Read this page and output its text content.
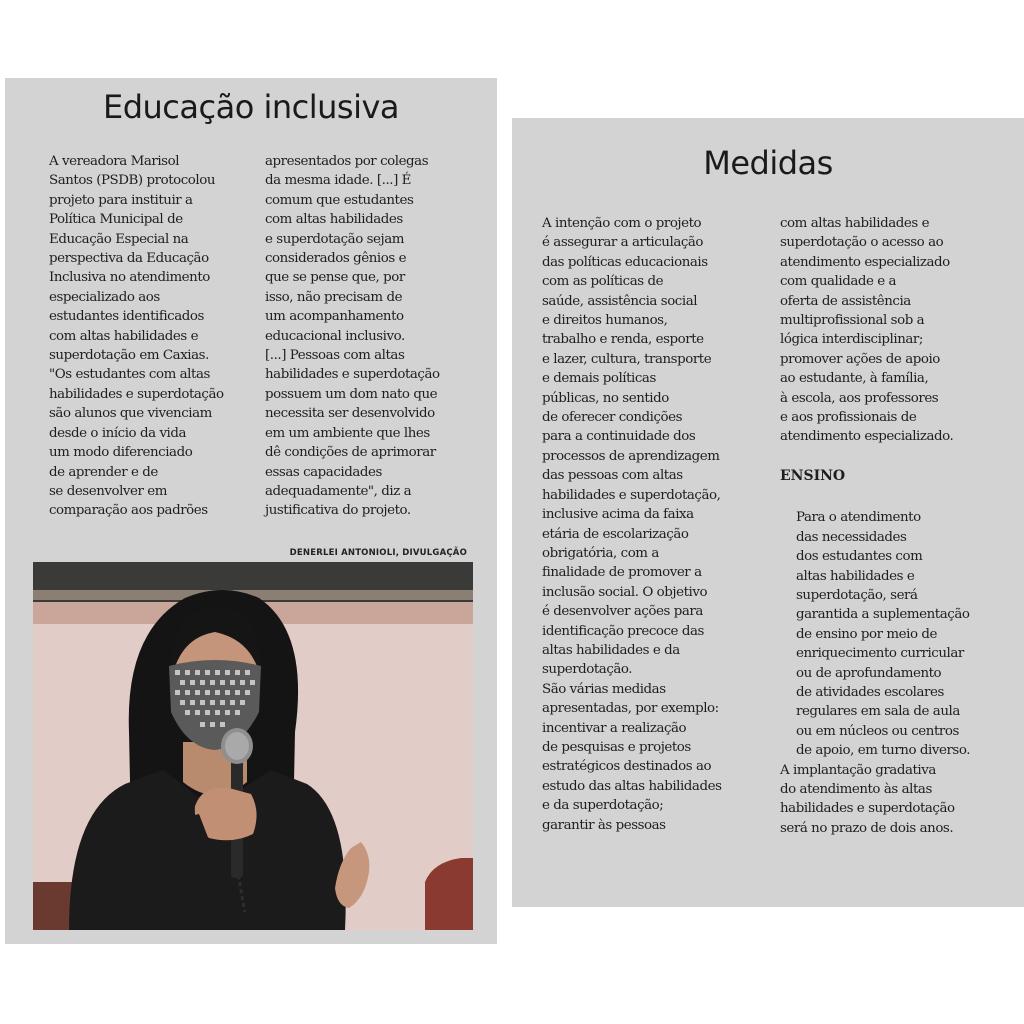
Educação inclusiva

A vereadora Marisol
Santos (PSDB) protocolou
projeto para instituir a
Política Municipal de
Educação Especial na
perspectiva da Educação
Inclusiva no atendimento
especializado aos
estudantes identificados
com altas habilidades e
superdotação em Caxias.
"Os estudantes com altas
habilidades e superdotação
são alunos que vivenciam
desde o início da vida
um modo diferenciado
de aprender e de
se desenvolver em
comparação aos padrões

apresentados por colegas
da mesma idade. [...] É
comum que estudantes
com altas habilidades
e superdotação sejam
considerados gênios e
que se pense que, por
isso, não precisam de
um acompanhamento
educacional inclusivo.
[...] Pessoas com altas
habilidades e superdotação
possuem um dom nato que
necessita ser desenvolvido
em um ambiente que lhes
dê condições de aprimorar
essas capacidades
adequadamente", diz a
justificativa do projeto.

DENERLEI ANTONIOLI, DIVULGAÇÃO
Medidas

A intenção com o projeto
é assegurar a articulação
das políticas educacionais
com as políticas de
saúde, assistência social
e direitos humanos,
trabalho e renda, esporte
e lazer, cultura, transporte
e demais políticas
públicas, no sentido
de oferecer condições
para a continuidade dos
processos de aprendizagem
das pessoas com altas
habilidades e superdotação,
inclusive acima da faixa
etária de escolarização
obrigatória, com a
finalidade de promover a
inclusão social. O objetivo
é desenvolver ações para
identificação precoce das
altas habilidades e da
superdotação.

São várias medidas
apresentadas, por exemplo:
incentivar a realização
de pesquisas e projetos
estratégicos destinados ao
estudo das altas habilidades
e da superdotação;
garantir às pessoas

com altas habilidades e
superdotação o acesso ao
atendimento especializado
com qualidade e a
oferta de assistência
multiprofissional sob a
lógica interdisciplinar;
promover ações de apoio
ao estudante, à família,
à escola, aos professores
e aos profissionais de
atendimento especializado.

ENSINO

Para o atendimento
das necessidades
dos estudantes com
altas habilidades e
superdotação, será
garantida a suplementação
de ensino por meio de
enriquecimento curricular
ou de aprofundamento
de atividades escolares
regulares em sala de aula
ou em núcleos ou centros
de apoio, em turno diverso.

A implantação gradativa
do atendimento às altas
habilidades e superdotação
será no prazo de dois anos.
